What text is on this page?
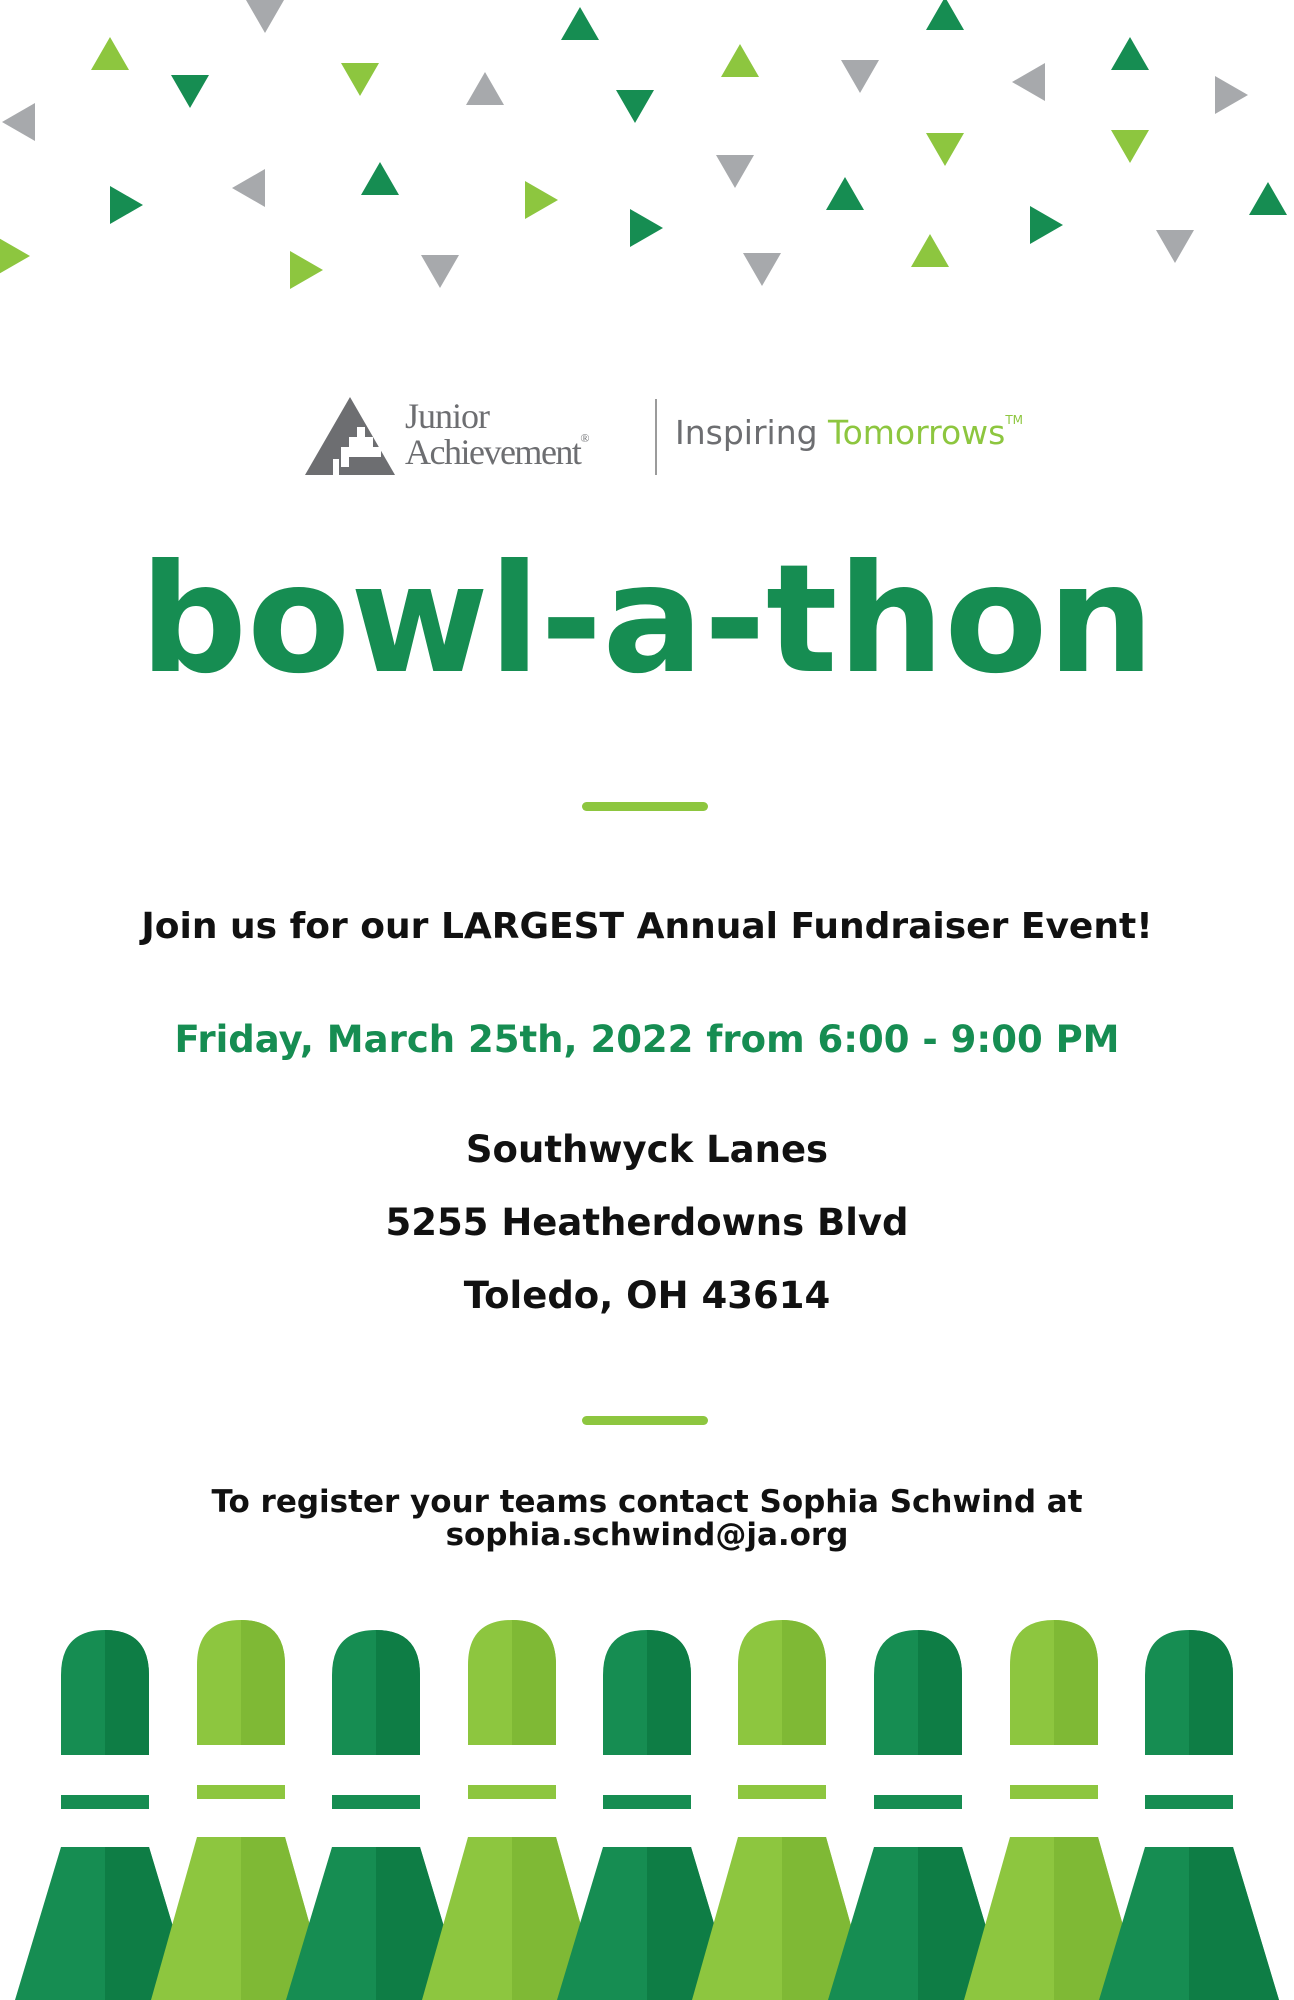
Junior
Achievement®	Inspiring Tomorrows™
bowl-a-thon
Join us for our LARGEST Annual Fundraiser Event!
Friday, March 25th, 2022 from 6:00 - 9:00 PM
Southwyck Lanes
5255 Heatherdowns Blvd
Toledo, OH 43614
To register your teams contact Sophia Schwind at
sophia.schwind@ja.org
